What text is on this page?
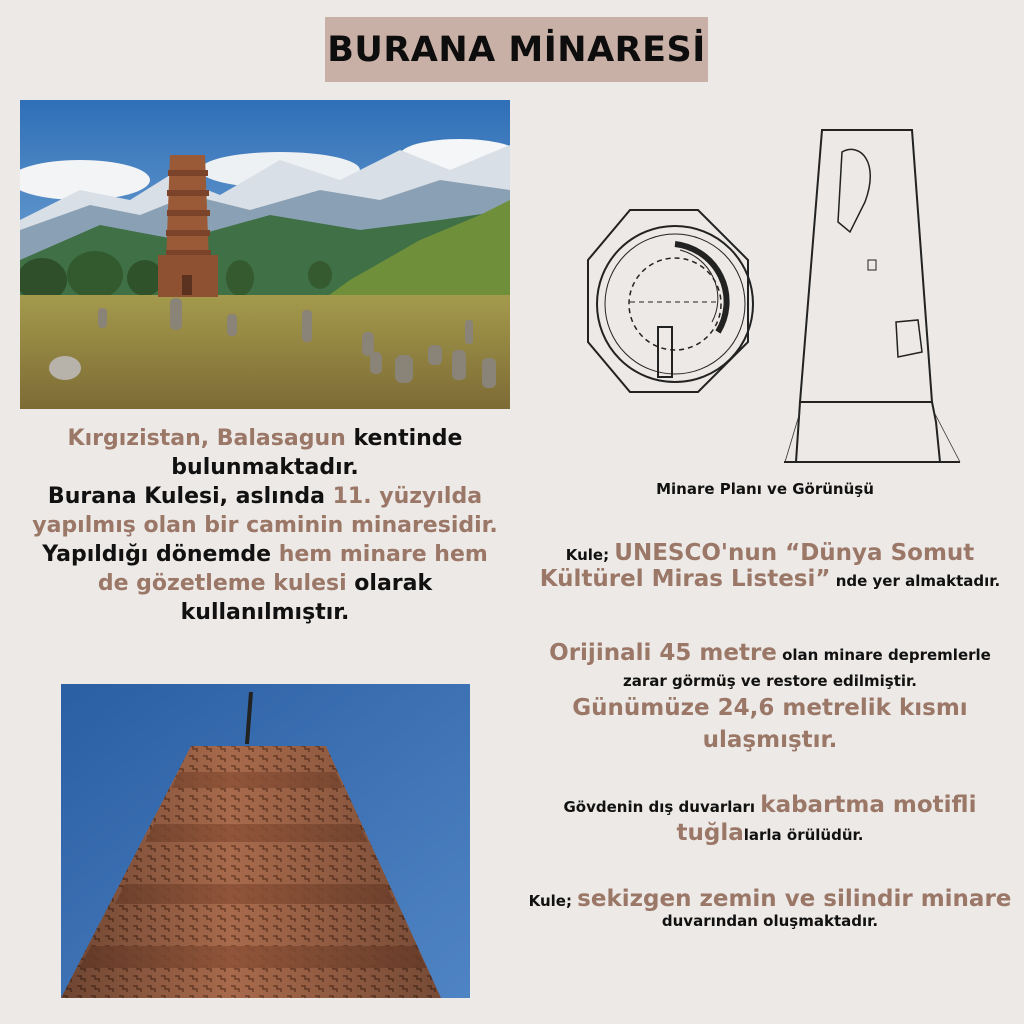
BURANA MİNARESİ
Minare Planı ve Görünüşü
Kırgızistan, Balasagun kentinde
bulunmaktadır.
Burana Kulesi, aslında 11. yüzyılda
yapılmış olan bir caminin minaresidir.
Yapıldığı dönemde hem minare hem
de gözetleme kulesi olarak
kullanılmıştır.
Kule; UNESCO'nun “Dünya Somut
Kültürel Miras Listesi” nde yer almaktadır.
Orijinali 45 metre olan minare depremlerle
zarar görmüş ve restore edilmiştir.
Günümüze 24,6 metrelik kısmı
ulaşmıştır.
Gövdenin dış duvarları kabartma motifli
tuğlalarla örülüdür.
Kule; sekizgen zemin ve silindir minare
duvarından oluşmaktadır.
